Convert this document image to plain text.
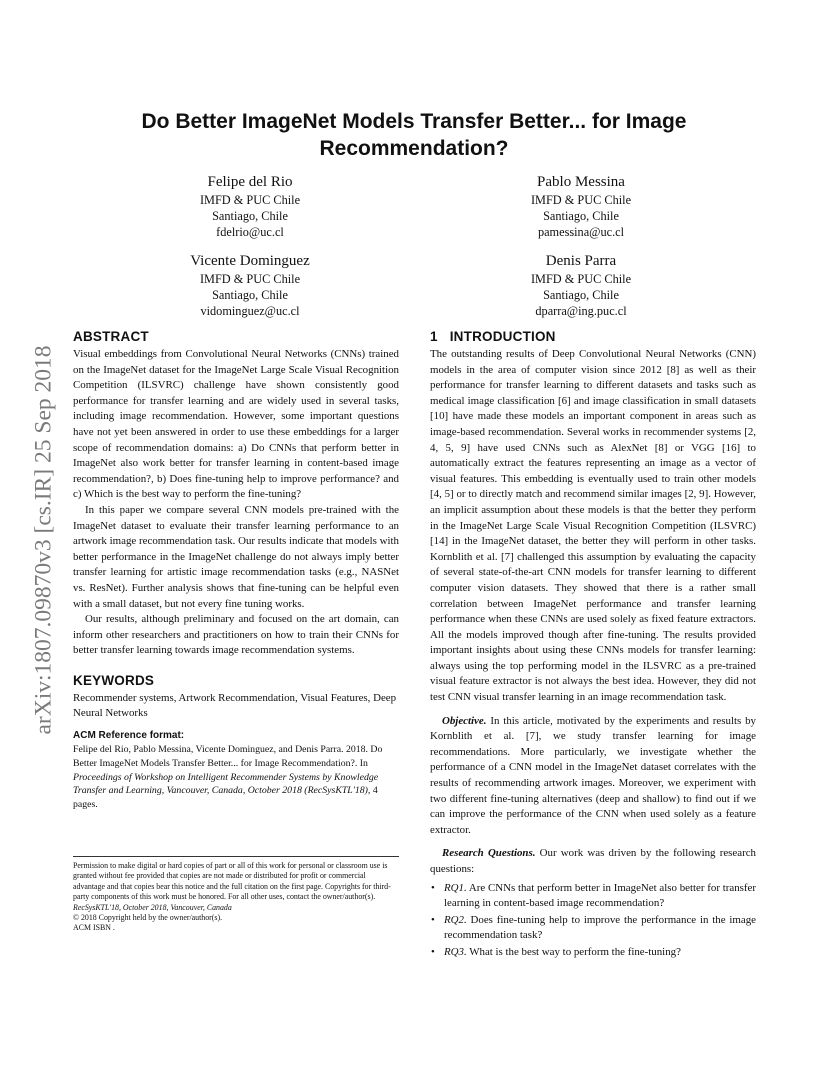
arXiv:1807.09870v3 [cs.IR] 25 Sep 2018
Do Better ImageNet Models Transfer Better... for Image Recommendation?
Felipe del Rio
IMFD & PUC Chile
Santiago, Chile
fdelrio@uc.cl
Pablo Messina
IMFD & PUC Chile
Santiago, Chile
pamessina@uc.cl
Vicente Dominguez
IMFD & PUC Chile
Santiago, Chile
vidominguez@uc.cl
Denis Parra
IMFD & PUC Chile
Santiago, Chile
dparra@ing.puc.cl
ABSTRACT

Visual embeddings from Convolutional Neural Networks (CNNs) trained on the ImageNet dataset for the ImageNet Large Scale Visual Recognition Competition (ILSVRC) challenge have shown consistently good performance for transfer learning and are widely used in several tasks, including image recommendation. However, some important questions have not yet been answered in order to use these embeddings for a larger scope of recommendation domains: a) Do CNNs that perform better in ImageNet also work better for transfer learning in content-based image recommendation?, b) Does fine-tuning help to improve performance? and c) Which is the best way to perform the fine-tuning?

In this paper we compare several CNN models pre-trained with the ImageNet dataset to evaluate their transfer learning performance to an artwork image recommendation task. Our results indicate that models with better performance in the ImageNet challenge do not always imply better transfer learning for artistic image recommendation tasks (e.g., NASNet vs. ResNet). Further analysis shows that fine-tuning can be helpful even with a small dataset, but not every fine tuning works.

Our results, although preliminary and focused on the art domain, can inform other researchers and practitioners on how to train their CNNs for better transfer learning towards image recommendation systems.

KEYWORDS

Recommender systems, Artwork Recommendation, Visual Features, Deep Neural Networks

ACM Reference format:
Felipe del Rio, Pablo Messina, Vicente Dominguez, and Denis Parra. 2018. Do Better ImageNet Models Transfer Better... for Image Recommendation?. In Proceedings of Workshop on Intelligent Recommender Systems by Knowledge Transfer and Learning, Vancouver, Canada, October 2018 (RecSysKTL'18), 4 pages.

Permission to make digital or hard copies of part or all of this work for personal or classroom use is granted without fee provided that copies are not made or distributed for profit or commercial advantage and that copies bear this notice and the full citation on the first page. Copyrights for third-party components of this work must be honored. For all other uses, contact the owner/author(s).

RecSysKTL'18, October 2018, Vancouver, Canada

© 2018 Copyright held by the owner/author(s).

ACM ISBN .

1 INTRODUCTION

The outstanding results of Deep Convolutional Neural Networks (CNN) models in the area of computer vision since 2012 [8] as well as their performance for transfer learning to different datasets and tasks such as medical image classification [6] and image classification in small datasets [10] have made these models an important component in areas such as image-based recommendation. Several works in recommender systems [2, 4, 5, 9] have used CNNs such as AlexNet [8] or VGG [16] to automatically extract the features representing an image as a vector of visual features. This embedding is eventually used to train other models [4, 5] or to directly match and recommend similar images [2, 9]. However, an implicit assumption about these models is that the better they perform in the ImageNet Large Scale Visual Recognition Competition (ILSVRC) [14] in the ImageNet dataset, the better they will perform in other tasks. Kornblith et al. [7] challenged this assumption by evaluating the capacity of several state-of-the-art CNN models for transfer learning to different computer vision datasets. They showed that there is a rather small correlation between ImageNet performance and transfer learning performance when these CNNs are used solely as fixed feature extractors. All the models improved though after fine-tuning. The results provided important insights about using these CNNs models for transfer learning: always using the top performing model in the ILSVRC as a pre-trained visual feature extractor is not always the best idea. However, they did not test CNN visual transfer learning in an image recommendation task.

Objective. In this article, motivated by the experiments and results by Kornblith et al. [7], we study transfer learning for image recommendations. More particularly, we investigate whether the performance of a CNN model in the ImageNet dataset correlates with the results of recommending artwork images. Moreover, we experiment with two different fine-tuning alternatives (deep and shallow) to find out if we can improve the performance of the CNN when used solely as a feature extractor.

Research Questions. Our work was driven by the following research questions:

• RQ1. Are CNNs that perform better in ImageNet also better for transfer learning in content-based image recommendation?
• RQ2. Does fine-tuning help to improve the performance in the image recommendation task?
• RQ3. What is the best way to perform the fine-tuning?
